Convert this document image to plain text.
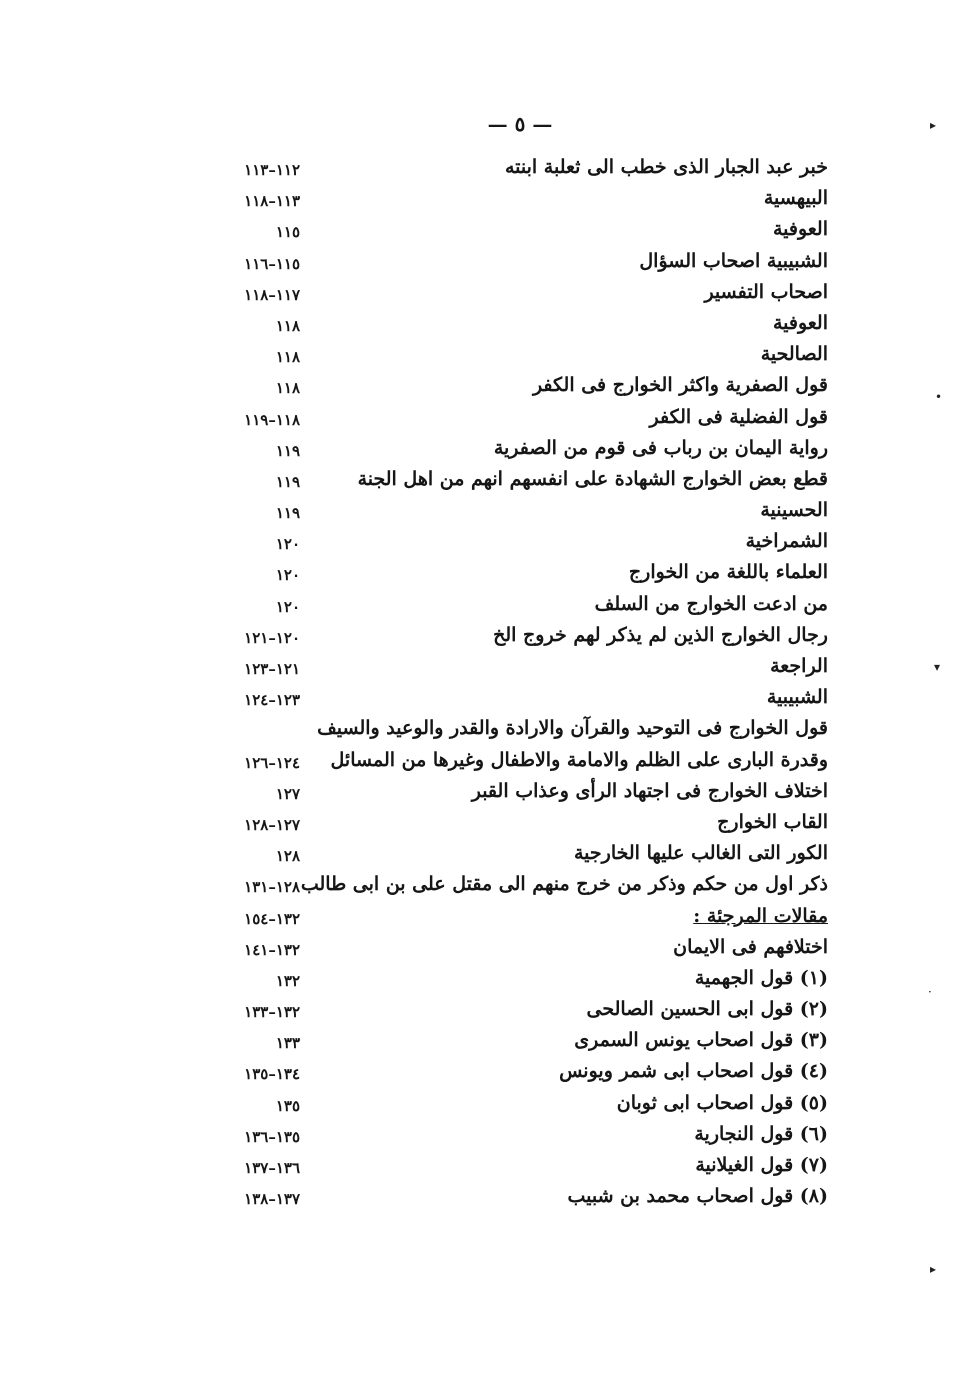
— ٥ —
خبر عبد الجبار الذى خطب الى ثعلبة ابنته
١١٢–١١٣
البيهسية
١١٣–١١٨
العوفية
١١٥
الشبيبية اصحاب السؤال
١١٥–١١٦
اصحاب التفسير
١١٧–١١٨
العوفية
١١٨
الصالحية
١١٨
قول الصفرية واكثر الخوارج فى الكفر
١١٨
قول الفضلية فى الكفر
١١٨–١١٩
رواية اليمان بن رباب فى قوم من الصفرية
١١٩
قطع بعض الخوارج الشهادة على انفسهم انهم من اهل الجنة
١١٩
الحسينية
١١٩
الشمراخية
١٢٠
العلماء باللغة من الخوارج
١٢٠
من ادعت الخوارج من السلف
١٢٠
رجال الخوارج الذين لم يذكر لهم خروج الخ
١٢٠–١٢١
الراجعة
١٢١–١٢٣
الشبيبية
١٢٣–١٢٤
قول الخوارج فى التوحيد والقرآن والارادة والقدر والوعيد والسيف
وقدرة البارى على الظلم والامامة والاطفال وغيرها من المسائل
١٢٤–١٢٦
اختلاف الخوارج فى اجتهاد الرأى وعذاب القبر
١٢٧
القاب الخوارج
١٢٧–١٢٨
الكور التى الغالب عليها الخارجية
١٢٨
ذكر اول من حكم وذكر من خرج منهم الى مقتل على بن ابى طالب
١٢٨–١٣١
مقالات المرجئة :
١٣٢–١٥٤
اختلافهم فى الايمان
١٣٢–١٤١
(١) قول الجهمية
١٣٢
(٢) قول ابى الحسين الصالحى
١٣٢–١٣٣
(٣) قول اصحاب يونس السمرى
١٣٣
(٤) قول اصحاب ابى شمر ويونس
١٣٤–١٣٥
(٥) قول اصحاب ابى ثوبان
١٣٥
(٦) قول النجارية
١٣٥–١٣٦
(٧) قول الغيلانية
١٣٦–١٣٧
(٨) قول اصحاب محمد بن شبيب
١٣٧–١٣٨
▸
•
▾
·
▸
